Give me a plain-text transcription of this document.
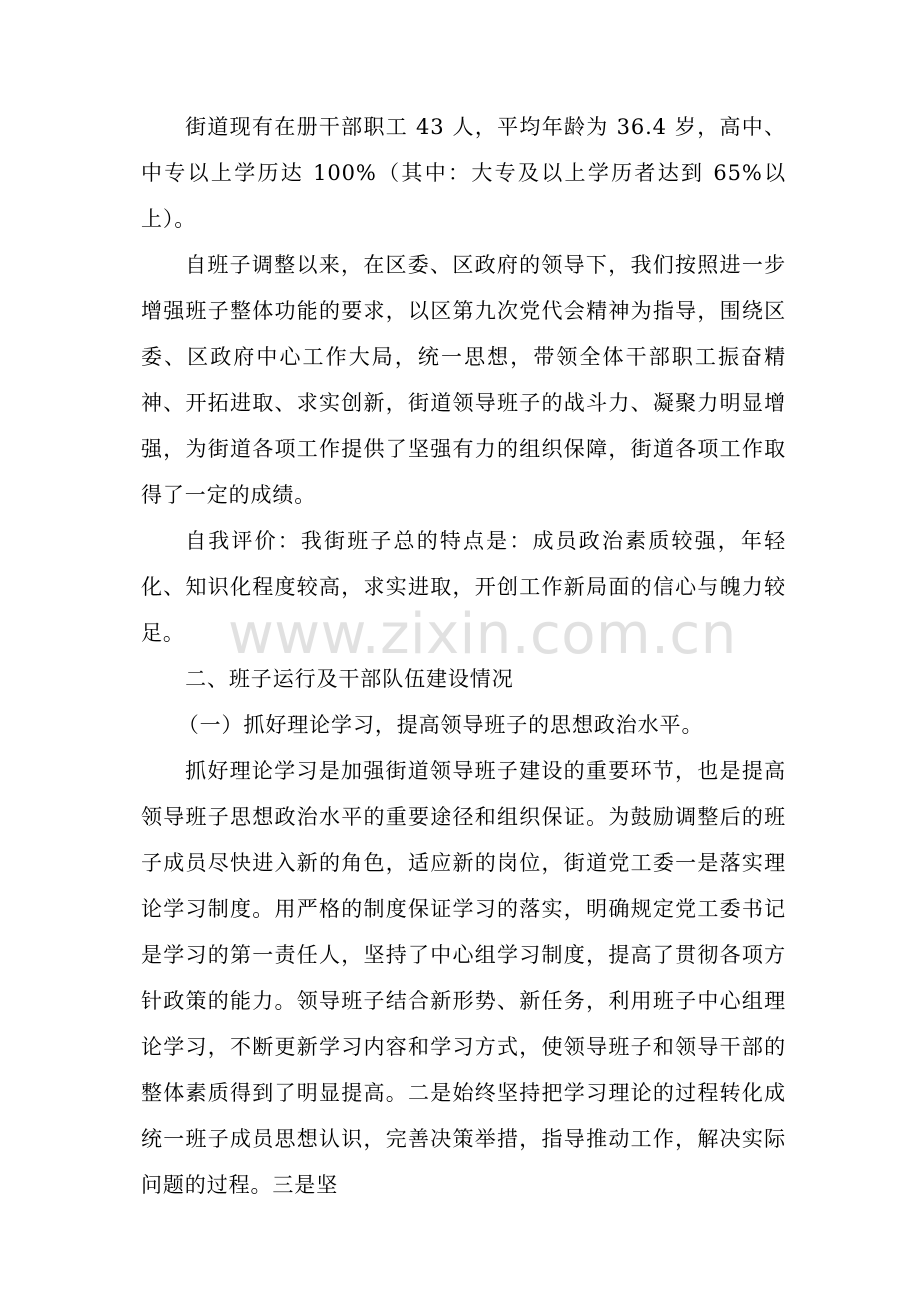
街道现有在册干部职工 43 人，平均年龄为 36.4 岁，高中、中专以上学历达 100%（其中：大专及以上学历者达到 65%以上）。

自班子调整以来，在区委、区政府的领导下，我们按照进一步增强班子整体功能的要求，以区第九次党代会精神为指导，围绕区委、区政府中心工作大局，统一思想，带领全体干部职工振奋精神、开拓进取、求实创新，街道领导班子的战斗力、凝聚力明显增强，为街道各项工作提供了坚强有力的组织保障，街道各项工作取得了一定的成绩。

自我评价：我街班子总的特点是：成员政治素质较强，年轻化、知识化程度较高，求实进取，开创工作新局面的信心与魄力较足。

二、班子运行及干部队伍建设情况

（一）抓好理论学习，提高领导班子的思想政治水平。

抓好理论学习是加强街道领导班子建设的重要环节，也是提高领导班子思想政治水平的重要途径和组织保证。为鼓励调整后的班子成员尽快进入新的角色，适应新的岗位，街道党工委一是落实理论学习制度。用严格的制度保证学习的落实，明确规定党工委书记是学习的第一责任人，坚持了中心组学习制度，提高了贯彻各项方针政策的能力。领导班子结合新形势、新任务，利用班子中心组理论学习，不断更新学习内容和学习方式，使领导班子和领导干部的整体素质得到了明显提高。二是始终坚持把学习理论的过程转化成统一班子成员思想认识，完善决策举措，指导推动工作，解决实际问题的过程。三是坚

www.zixin.com.cn
